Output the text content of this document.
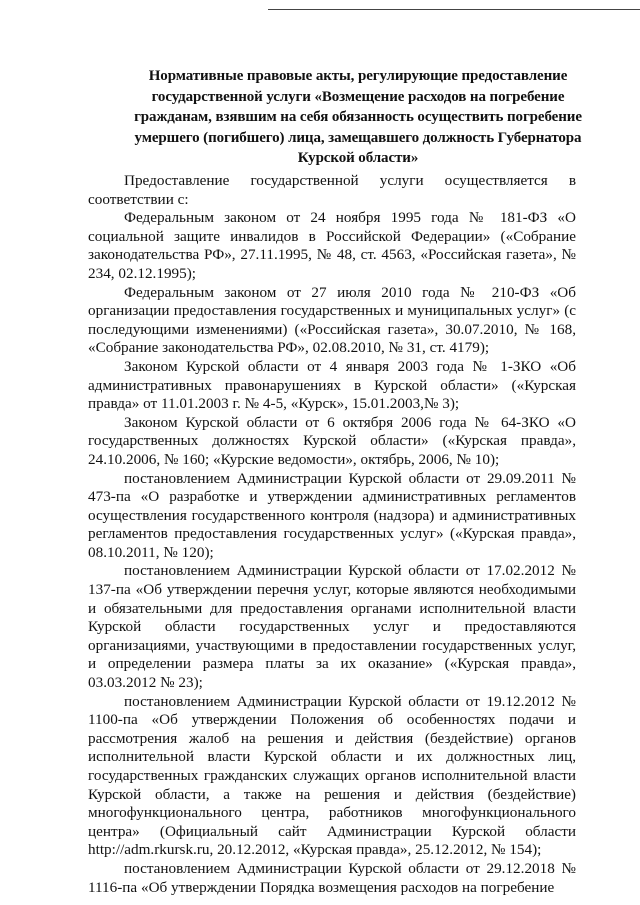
Нормативные правовые акты, регулирующие предоставление государственной услуги «Возмещение расходов на погребение гражданам, взявшим на себя обязанность осуществить погребение умершего (погибшего) лица, замещавшего должность Губернатора Курской области»

Предоставление государственной услуги осуществляется в соответствии с:

Федеральным законом от 24 ноября 1995 года № 181-ФЗ «О социальной защите инвалидов в Российской Федерации» («Собрание законодательства РФ», 27.11.1995, № 48, ст. 4563, «Российская газета», № 234, 02.12.1995);

Федеральным законом от 27 июля 2010 года № 210-ФЗ «Об организации предоставления государственных и муниципальных услуг» (с последующими изменениями) («Российская газета», 30.07.2010, № 168, «Собрание законодательства РФ», 02.08.2010, № 31, ст. 4179);

Законом Курской области от 4 января 2003 года № 1-ЗКО «Об административных правонарушениях в Курской области» («Курская правда» от 11.01.2003 г. № 4-5, «Курск», 15.01.2003,№ 3);

Законом Курской области от 6 октября 2006 года № 64-ЗКО «О государственных должностях Курской области» («Курская правда», 24.10.2006, № 160; «Курские ведомости», октябрь, 2006, № 10);

постановлением Администрации Курской области от 29.09.2011 № 473-па «О разработке и утверждении административных регламентов осуществления государственного контроля (надзора) и административных регламентов предоставления государственных услуг» («Курская правда», 08.10.2011, № 120);

постановлением Администрации Курской области от 17.02.2012 № 137-па «Об утверждении перечня услуг, которые являются необходимыми и обязательными для предоставления органами исполнительной власти Курской области государственных услуг и предоставляются организациями, участвующими в предоставлении государственных услуг, и определении размера платы за их оказание» («Курская правда», 03.03.2012 № 23);

постановлением Администрации Курской области от 19.12.2012 № 1100-па «Об утверждении Положения об особенностях подачи и рассмотрения жалоб на решения и действия (бездействие) органов исполнительной власти Курской области и их должностных лиц, государственных гражданских служащих органов исполнительной власти Курской области, а также на решения и действия (бездействие) многофункционального центра, работников многофункционального центра» (Официальный сайт Администрации Курской области http://adm.rkursk.ru, 20.12.2012, «Курская правда», 25.12.2012, № 154);

постановлением Администрации Курской области от 29.12.2018 № 1116-па «Об утверждении Порядка возмещения расходов на погребение
